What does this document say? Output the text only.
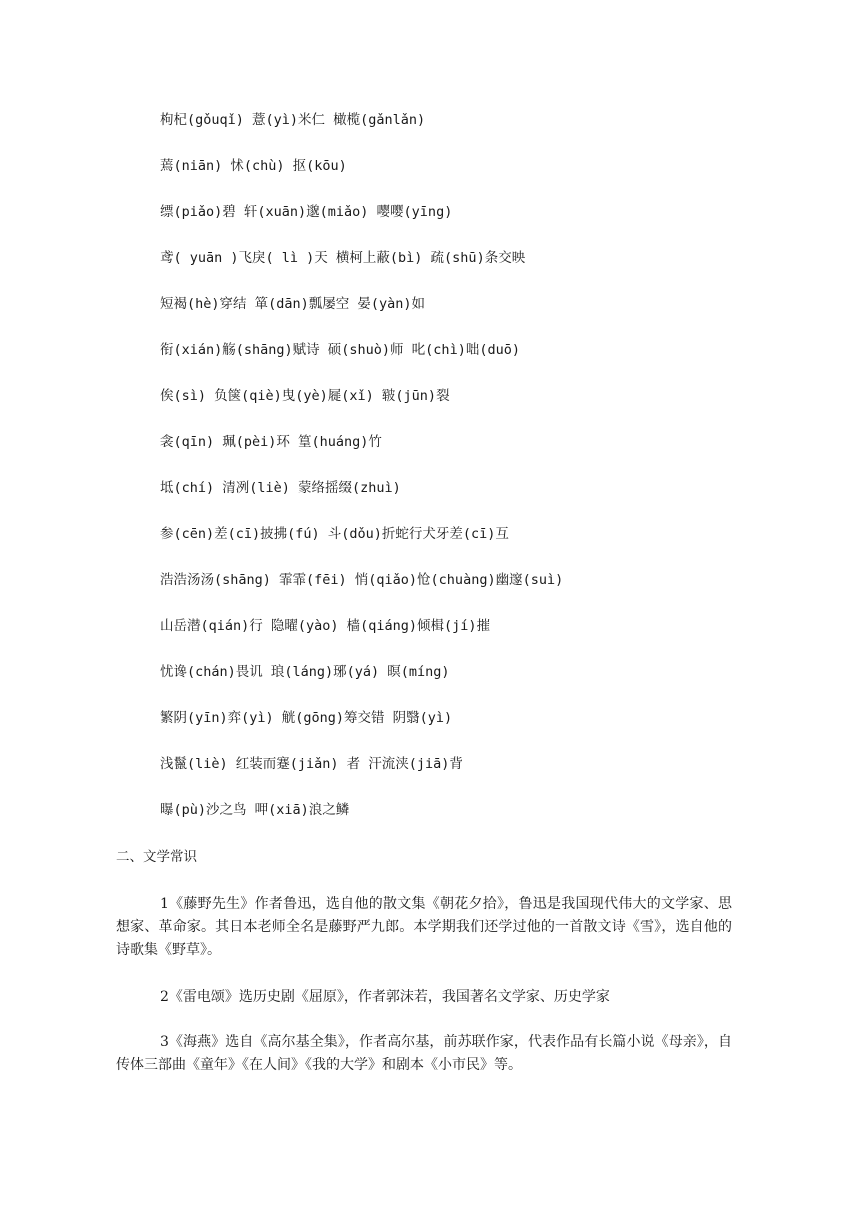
枸杞(gǒuqǐ) 薏(yì)米仁 橄榄(gǎnlǎn)
蔫(niān) 怵(chù) 抠(kōu)
缥(piǎo)碧 轩(xuān)邈(miǎo) 嘤嘤(yīng)
鸢( yuān )飞戾( lì )天 横柯上蔽(bì) 疏(shū)条交映
短褐(hè)穿结 箪(dān)瓢屡空 晏(yàn)如
衔(xián)觞(shāng)赋诗 硕(shuò)师 叱(chì)咄(duō)
俟(sì) 负箧(qiè)曳(yè)屣(xǐ) 皲(jūn)裂
衾(qīn) 珮(pèi)环 篁(huáng)竹
坻(chí) 清冽(liè) 蒙络摇缀(zhuì)
参(cēn)差(cī)披拂(fú) 斗(dǒu)折蛇行犬牙差(cī)互
浩浩汤汤(shāng) 霏霏(fēi) 悄(qiǎo)怆(chuàng)幽邃(suì)
山岳潜(qián)行 隐曜(yào) 樯(qiáng)倾楫(jí)摧
忧谗(chán)畏讥 琅(láng)琊(yá) 暝(míng)
繁阴(yīn)弈(yì) 觥(gōng)筹交错 阴翳(yì)
浅鬣(liè) 红装而蹇(jiǎn) 者 汗流浃(jiā)背
曝(pù)沙之鸟 呷(xiā)浪之鳞
二、文学常识
1《藤野先生》作者鲁迅，选自他的散文集《朝花夕拾》，鲁迅是我国现代伟大的文学家、思想家、革命家。其日本老师全名是藤野严九郎。本学期我们还学过他的一首散文诗《雪》，选自他的诗歌集《野草》。
2《雷电颂》选历史剧《屈原》，作者郭沫若，我国著名文学家、历史学家
3《海燕》选自《高尔基全集》，作者高尔基，前苏联作家，代表作品有长篇小说《母亲》，自传体三部曲《童年》《在人间》《我的大学》和剧本《小市民》等。
